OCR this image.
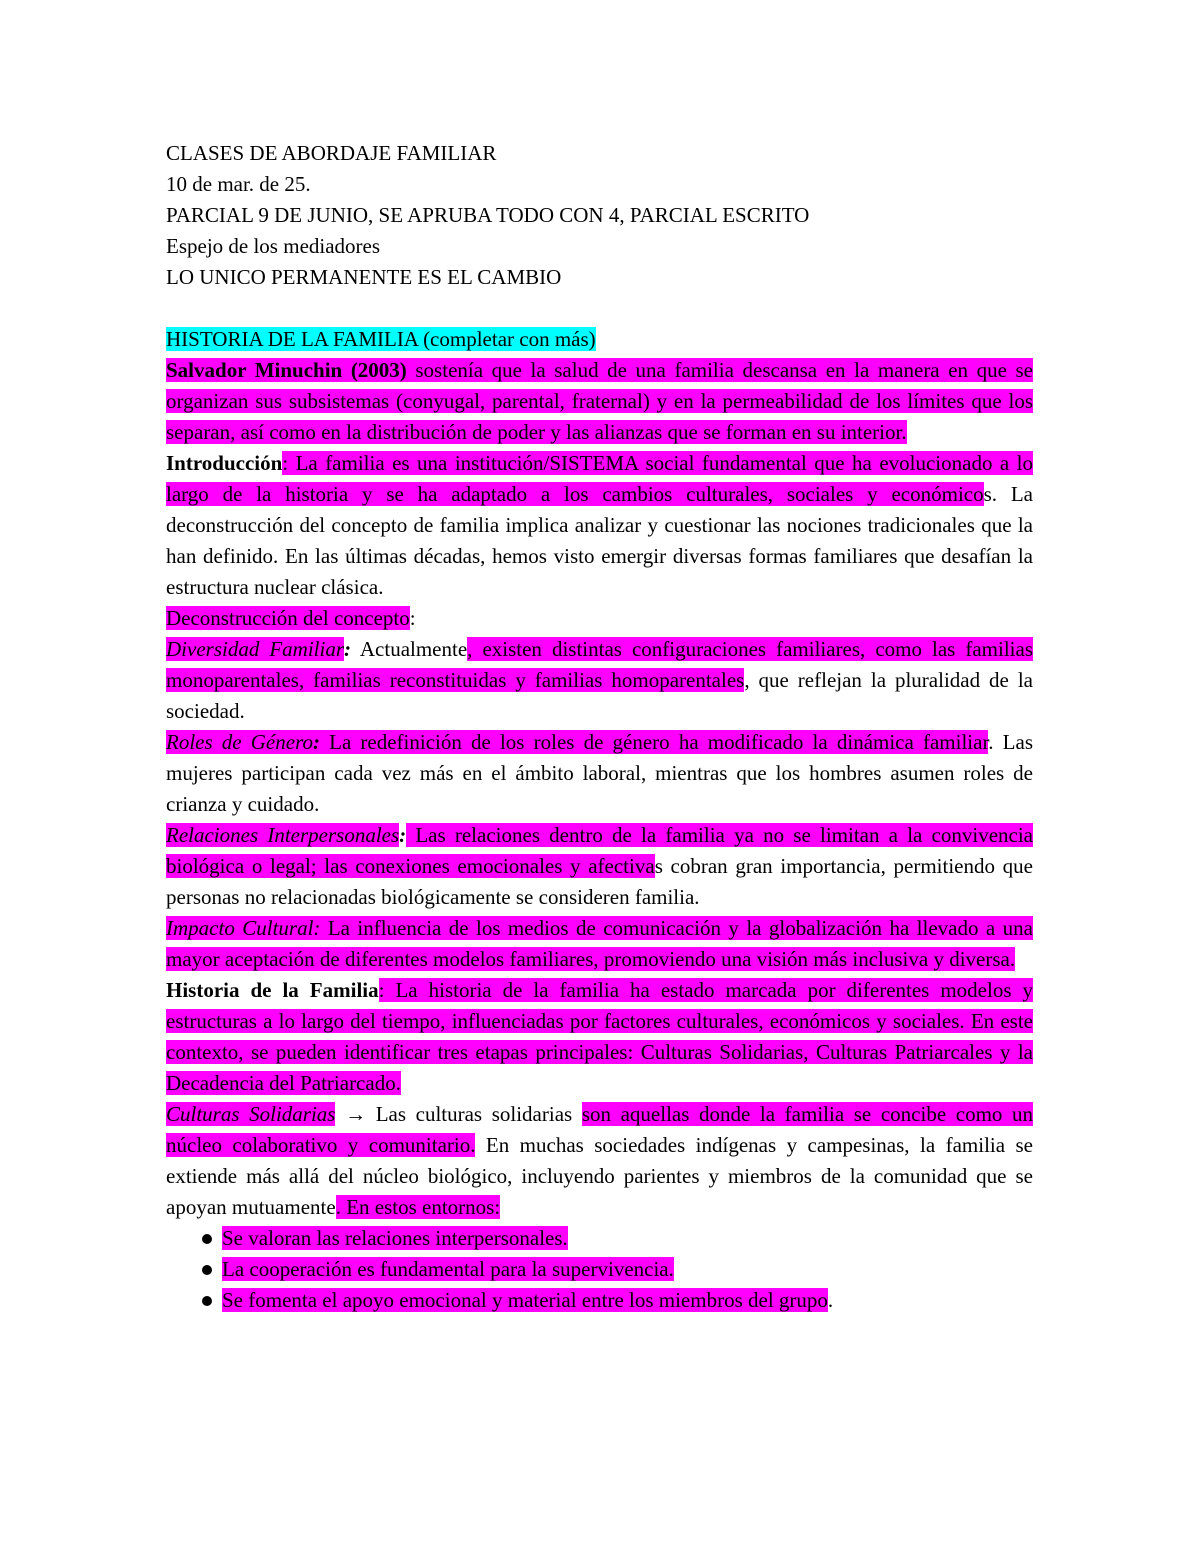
CLASES DE ABORDAJE FAMILIAR
10 de mar. de 25.
PARCIAL 9 DE JUNIO, SE APRUBA TODO CON 4, PARCIAL ESCRITO
Espejo de los mediadores
LO UNICO PERMANENTE ES EL CAMBIO
HISTORIA DE LA FAMILIA (completar con más)

Salvador Minuchin (2003) sostenía que la salud de una familia descansa en la manera en que se organizan sus subsistemas (conyugal, parental, fraternal) y en la permeabilidad de los límites que los separan, así como en la distribución de poder y las alianzas que se forman en su interior.

Introducción: La familia es una institución/SISTEMA social fundamental que ha evolucionado a lo largo de la historia y se ha adaptado a los cambios culturales, sociales y económicos. La deconstrucción del concepto de familia implica analizar y cuestionar las nociones tradicionales que la han definido. En las últimas décadas, hemos visto emergir diversas formas familiares que desafían la estructura nuclear clásica.

Deconstrucción del concepto:

Diversidad Familiar: Actualmente, existen distintas configuraciones familiares, como las familias monoparentales, familias reconstituidas y familias homoparentales, que reflejan la pluralidad de la sociedad.

Roles de Género: La redefinición de los roles de género ha modificado la dinámica familiar. Las mujeres participan cada vez más en el ámbito laboral, mientras que los hombres asumen roles de crianza y cuidado.

Relaciones Interpersonales: Las relaciones dentro de la familia ya no se limitan a la convivencia biológica o legal; las conexiones emocionales y afectivas cobran gran importancia, permitiendo que personas no relacionadas biológicamente se consideren familia.

Impacto Cultural: La influencia de los medios de comunicación y la globalización ha llevado a una mayor aceptación de diferentes modelos familiares, promoviendo una visión más inclusiva y diversa.

Historia de la Familia: La historia de la familia ha estado marcada por diferentes modelos y estructuras a lo largo del tiempo, influenciadas por factores culturales, económicos y sociales. En este contexto, se pueden identificar tres etapas principales: Culturas Solidarias, Culturas Patriarcales y la Decadencia del Patriarcado.

Culturas Solidarias → Las culturas solidarias son aquellas donde la familia se concibe como un núcleo colaborativo y comunitario. En muchas sociedades indígenas y campesinas, la familia se extiende más allá del núcleo biológico, incluyendo parientes y miembros de la comunidad que se apoyan mutuamente. En estos entornos:

Se valoran las relaciones interpersonales.
La cooperación es fundamental para la supervivencia.
Se fomenta el apoyo emocional y material entre los miembros del grupo.
